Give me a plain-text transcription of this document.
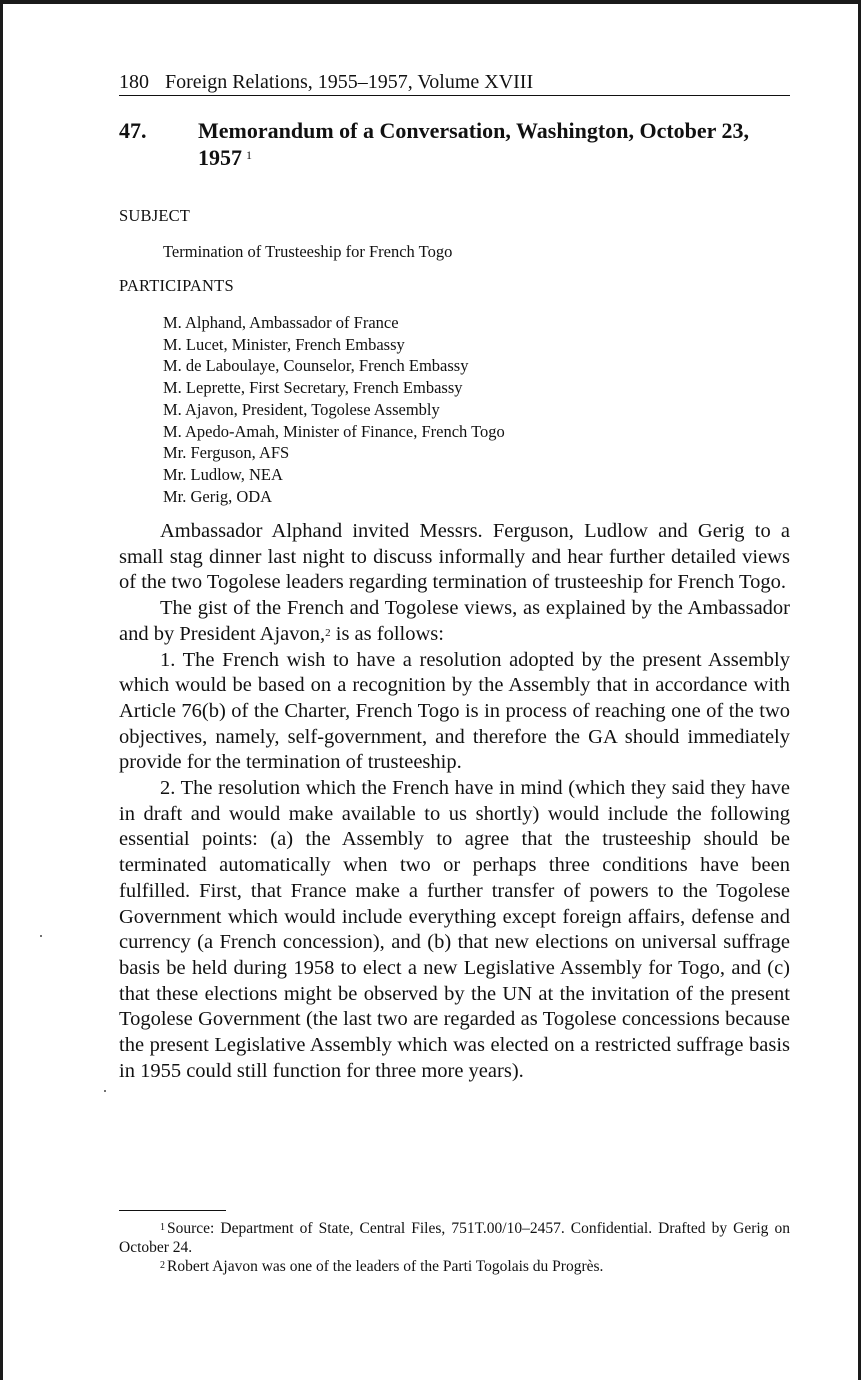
180 Foreign Relations, 1955–1957, Volume XVIII
47. Memorandum of a Conversation, Washington, October 23, 1957 $^1$
SUBJECT
Termination of Trusteeship for French Togo
PARTICIPANTS
M. Alphand, Ambassador of France
M. Lucet, Minister, French Embassy
M. de Laboulaye, Counselor, French Embassy
M. Leprette, First Secretary, French Embassy
M. Ajavon, President, Togolese Assembly
M. Apedo-Amah, Minister of Finance, French Togo
Mr. Ferguson, AFS
Mr. Ludlow, NEA
Mr. Gerig, ODA

Ambassador Alphand invited Messrs. Ferguson, Ludlow and Gerig to a small stag dinner last night to discuss informally and hear further detailed views of the two Togolese leaders regarding termination of trusteeship for French Togo.

The gist of the French and Togolese views, as explained by the Ambassador and by President Ajavon,$^2$ is as follows:

1. The French wish to have a resolution adopted by the present Assembly which would be based on a recognition by the Assembly that in accordance with Article 76(b) of the Charter, French Togo is in process of reaching one of the two objectives, namely, self-government, and therefore the GA should immediately provide for the termination of trusteeship.

2. The resolution which the French have in mind (which they said they have in draft and would make available to us shortly) would include the following essential points: (a) the Assembly to agree that the trusteeship should be terminated automatically when two or perhaps three conditions have been fulfilled. First, that France make a further transfer of powers to the Togolese Government which would include everything except foreign affairs, defense and currency (a French concession), and (b) that new elections on universal suffrage basis be held during 1958 to elect a new Legislative Assembly for Togo, and (c) that these elections might be observed by the UN at the invitation of the present Togolese Government (the last two are regarded as Togolese concessions because the present Legislative Assembly which was elected on a restricted suffrage basis in 1955 could still function for three more years).

$^1$ Source: Department of State, Central Files, 751T.00/10–2457. Confidential. Drafted by Gerig on October 24.

$^2$ Robert Ajavon was one of the leaders of the Parti Togolais du Progrès.
